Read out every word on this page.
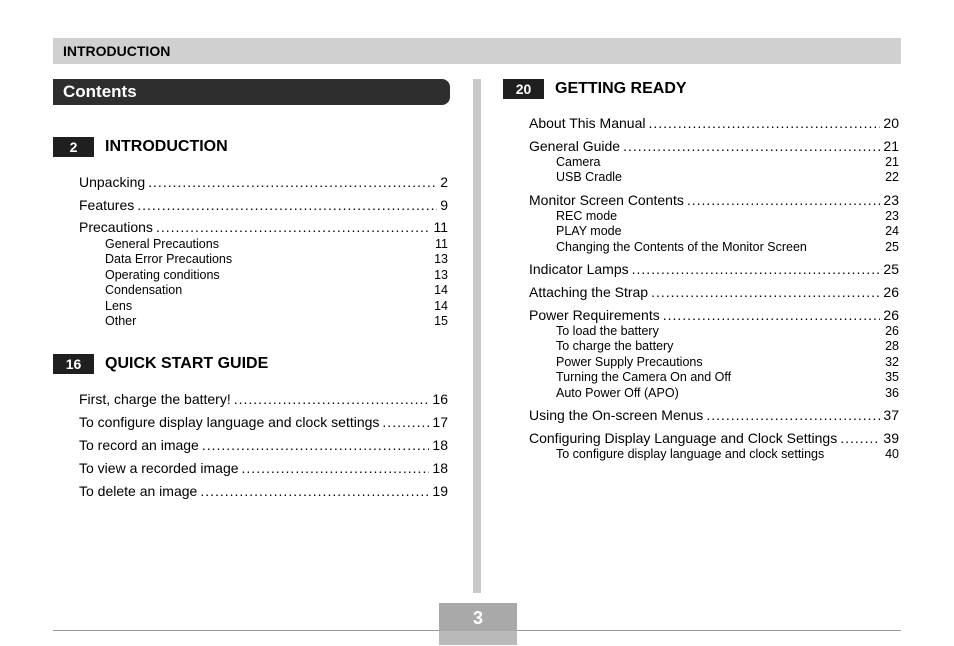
INTRODUCTION
Contents
2	INTRODUCTION
Unpacking .....	2
Features .....	9
Precautions .....	11
General Precautions	11
Data Error Precautions	13
Operating conditions	13
Condensation	14
Lens	14
Other	15
16	QUICK START GUIDE
First, charge the battery! .....	16
To configure display language and clock settings .....	17
To record an image .....	18
To view a recorded image .....	18
To delete an image .....	19
20	GETTING READY
About This Manual .....	20
General Guide .....	21
Camera	21
USB Cradle	22
Monitor Screen Contents .....	23
REC mode	23
PLAY mode	24
Changing the Contents of the Monitor Screen	25
Indicator Lamps .....	25
Attaching the Strap .....	26
Power Requirements .....	26
To load the battery	26
To charge the battery	28
Power Supply Precautions	32
Turning the Camera On and Off	35
Auto Power Off (APO)	36
Using the On-screen Menus .....	37
Configuring Display Language and Clock Settings .....	39
To configure display language and clock settings	40
3
